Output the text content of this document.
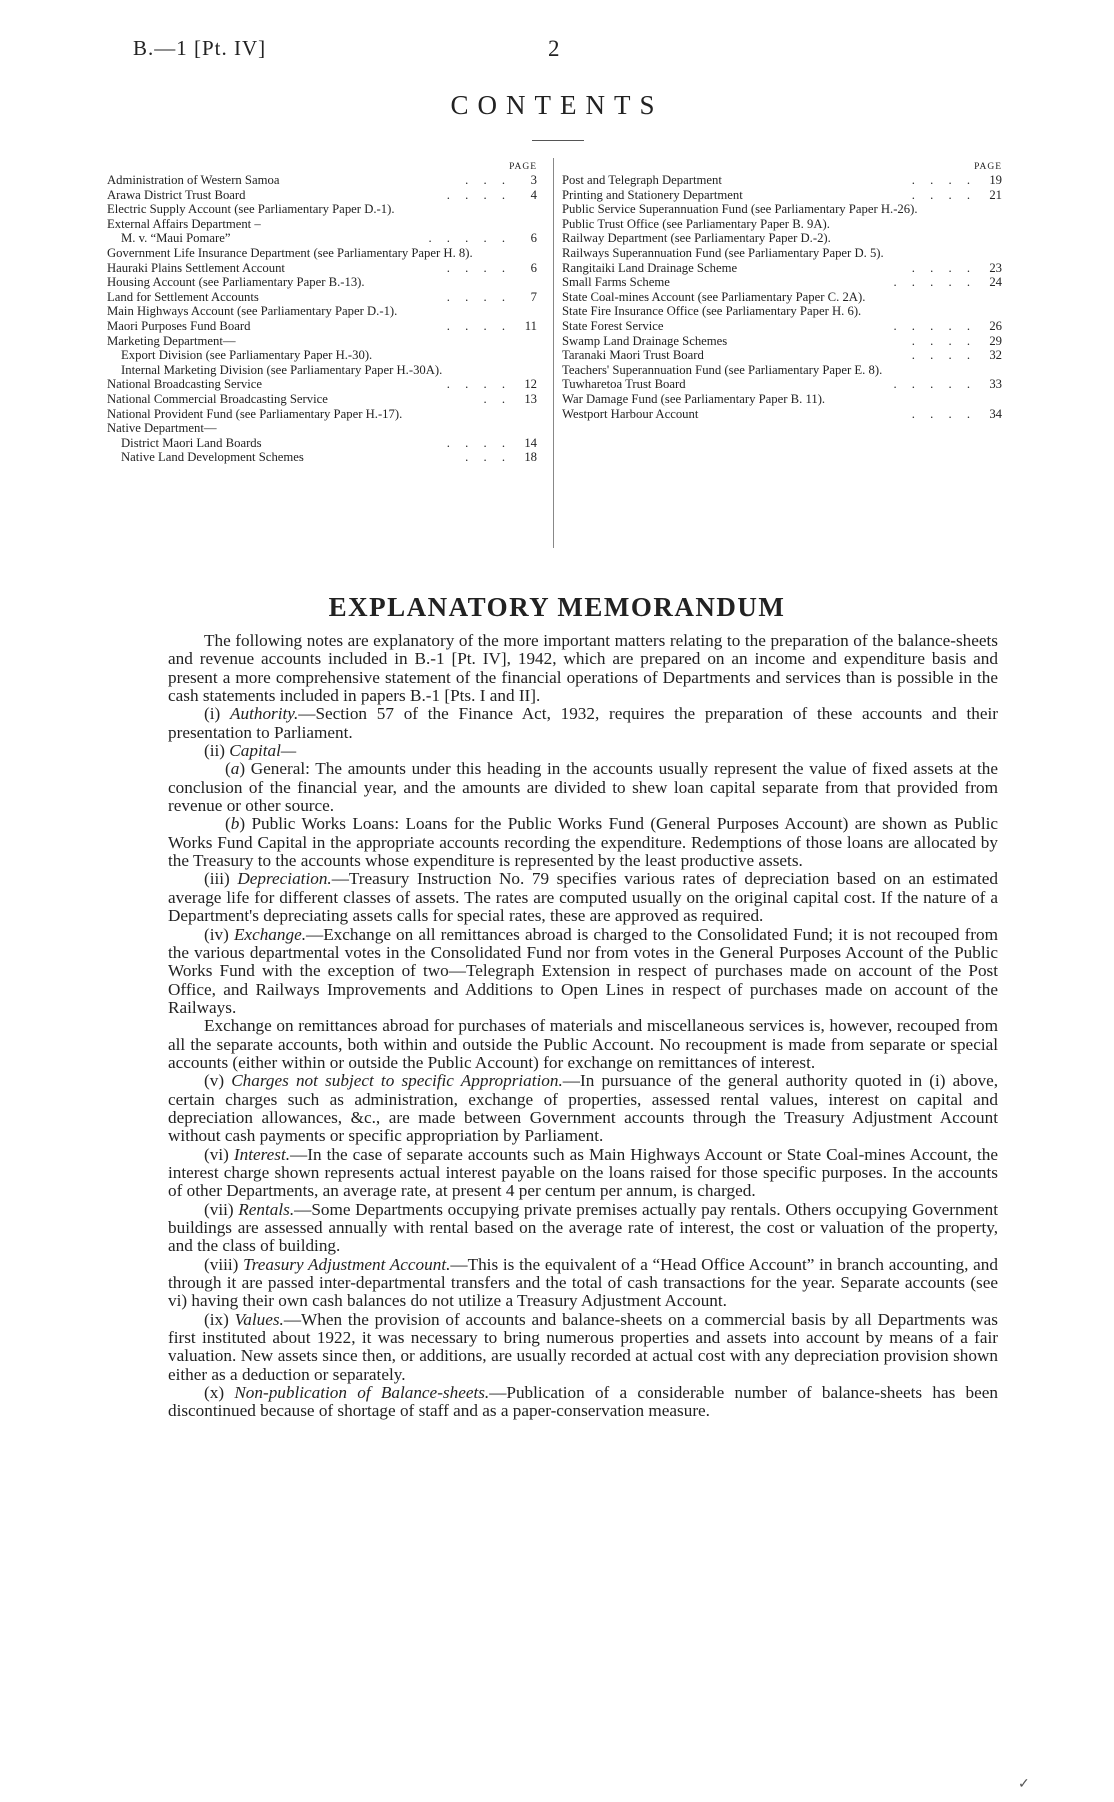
B.—1 [Pt. IV]	2
CONTENTS
PAGE
Administration of Western Samoa	. . .	3
Arawa District Trust Board	. . . .	4
Electric Supply Account (see Parliamentary Paper D.-1).
External Affairs Department –
M. v. “Maui Pomare”	. . . . .	6
Government Life Insurance Department (see Parliamentary Paper H. 8).
Hauraki Plains Settlement Account	. . . .	6
Housing Account (see Parliamentary Paper B.-13).
Land for Settlement Accounts	. . . .	7
Main Highways Account (see Parliamentary Paper D.-1).
Maori Purposes Fund Board	. . . .	11
Marketing Department—
Export Division (see Parliamentary Paper H.-30).
Internal Marketing Division (see Parliamentary Paper H.-30A).
National Broadcasting Service	. . . .	12
National Commercial Broadcasting Service	. .	13
National Provident Fund (see Parliamentary Paper H.-17).
Native Department—
District Maori Land Boards	. . . .	14
Native Land Development Schemes	. . .	18
PAGE
Post and Telegraph Department	. . . .	19
Printing and Stationery Department	. . . .	21
Public Service Superannuation Fund (see Parliamentary Paper H.-26).
Public Trust Office (see Parliamentary Paper B. 9A).
Railway Department (see Parliamentary Paper D.-2).
Railways Superannuation Fund (see Parliamentary Paper D. 5).
Rangitaiki Land Drainage Scheme	. . . .	23
Small Farms Scheme	. . . . .	24
State Coal-mines Account (see Parliamentary Paper C. 2A).
State Fire Insurance Office (see Parliamentary Paper H. 6).
State Forest Service	. . . . .	26
Swamp Land Drainage Schemes	. . . .	29
Taranaki Maori Trust Board	. . . .	32
Teachers' Superannuation Fund (see Parliamentary Paper E. 8).
Tuwharetoa Trust Board	. . . . .	33
War Damage Fund (see Parliamentary Paper B. 11).
Westport Harbour Account	. . . .	34
EXPLANATORY MEMORANDUM

The following notes are explanatory of the more important matters relating to the preparation of the balance-sheets and revenue accounts included in B.-1 [Pt. IV], 1942, which are prepared on an income and expenditure basis and present a more comprehensive statement of the financial operations of Departments and services than is possible in the cash statements included in papers B.-1 [Pts. I and II].

(i) Authority.—Section 57 of the Finance Act, 1932, requires the preparation of these accounts and their presentation to Parliament.

(ii) Capital—

(a) General: The amounts under this heading in the accounts usually represent the value of fixed assets at the conclusion of the financial year, and the amounts are divided to shew loan capital separate from that provided from revenue or other source.

(b) Public Works Loans: Loans for the Public Works Fund (General Purposes Account) are shown as Public Works Fund Capital in the appropriate accounts recording the expenditure. Redemptions of those loans are allocated by the Treasury to the accounts whose expenditure is represented by the least productive assets.

(iii) Depreciation.—Treasury Instruction No. 79 specifies various rates of depreciation based on an estimated average life for different classes of assets. The rates are computed usually on the original capital cost. If the nature of a Department's depreciating assets calls for special rates, these are approved as required.

(iv) Exchange.—Exchange on all remittances abroad is charged to the Consolidated Fund; it is not recouped from the various departmental votes in the Consolidated Fund nor from votes in the General Purposes Account of the Public Works Fund with the exception of two—Telegraph Extension in respect of purchases made on account of the Post Office, and Railways Improvements and Additions to Open Lines in respect of purchases made on account of the Railways.

Exchange on remittances abroad for purchases of materials and miscellaneous services is, however, recouped from all the separate accounts, both within and outside the Public Account. No recoupment is made from separate or special accounts (either within or outside the Public Account) for exchange on remittances of interest.

(v) Charges not subject to specific Appropriation.—In pursuance of the general authority quoted in (i) above, certain charges such as administration, exchange of properties, assessed rental values, interest on capital and depreciation allowances, &c., are made between Government accounts through the Treasury Adjustment Account without cash payments or specific appropriation by Parliament.

(vi) Interest.—In the case of separate accounts such as Main Highways Account or State Coal-mines Account, the interest charge shown represents actual interest payable on the loans raised for those specific purposes. In the accounts of other Departments, an average rate, at present 4 per centum per annum, is charged.

(vii) Rentals.—Some Departments occupying private premises actually pay rentals. Others occupying Government buildings are assessed annually with rental based on the average rate of interest, the cost or valuation of the property, and the class of building.

(viii) Treasury Adjustment Account.—This is the equivalent of a “Head Office Account” in branch accounting, and through it are passed inter-departmental transfers and the total of cash transactions for the year. Separate accounts (see vi) having their own cash balances do not utilize a Treasury Adjustment Account.

(ix) Values.—When the provision of accounts and balance-sheets on a commercial basis by all Departments was first instituted about 1922, it was necessary to bring numerous properties and assets into account by means of a fair valuation. New assets since then, or additions, are usually recorded at actual cost with any depreciation provision shown either as a deduction or separately.

(x) Non-publication of Balance-sheets.—Publication of a considerable number of balance-sheets has been discontinued because of shortage of staff and as a paper-conservation measure.

✓
